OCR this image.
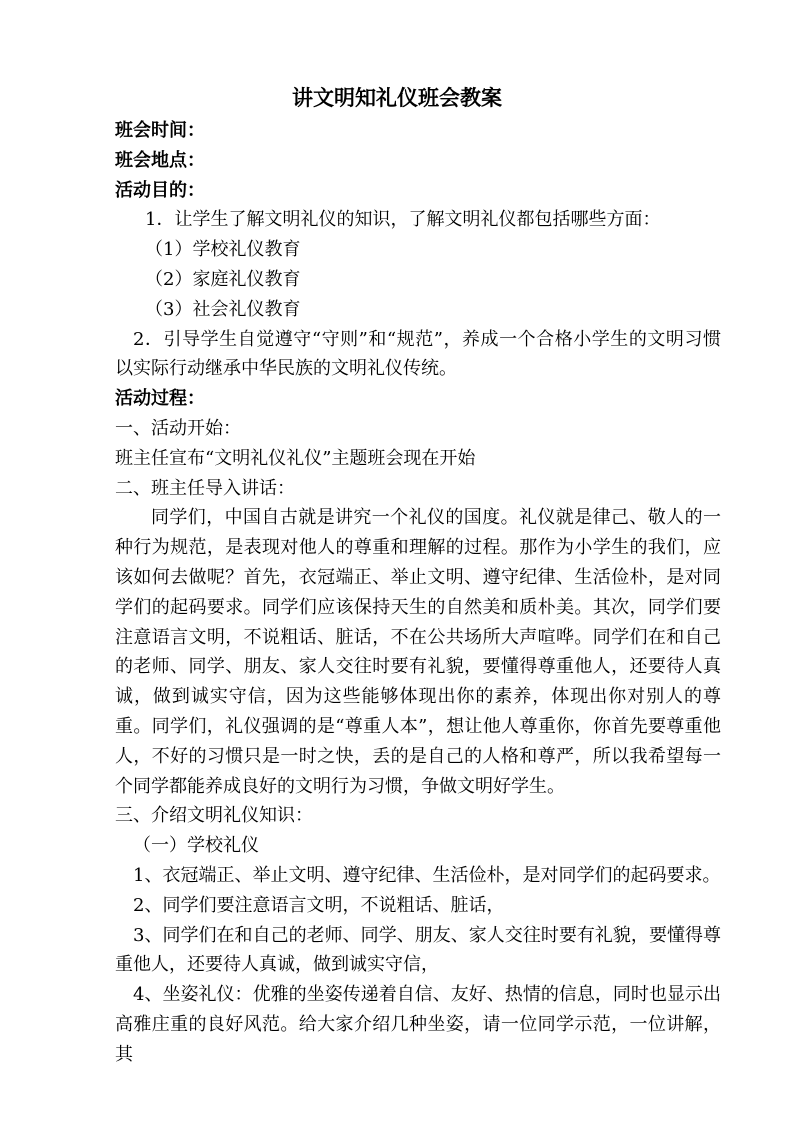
讲文明知礼仪班会教案

班会时间：

班会地点：

活动目的：

1．让学生了解文明礼仪的知识，了解文明礼仪都包括哪些方面：

（1）学校礼仪教育

（2）家庭礼仪教育

（3）社会礼仪教育

2．引导学生自觉遵守“守则”和“规范”，养成一个合格小学生的文明习惯以实际行动继承中华民族的文明礼仪传统。

活动过程：

一、活动开始：

班主任宣布“文明礼仪礼仪”主题班会现在开始

二、班主任导入讲话：

同学们，中国自古就是讲究一个礼仪的国度。礼仪就是律己、敬人的一种行为规范，是表现对他人的尊重和理解的过程。那作为小学生的我们，应该如何去做呢？首先，衣冠端正、举止文明、遵守纪律、生活俭朴，是对同学们的起码要求。同学们应该保持天生的自然美和质朴美。其次，同学们要注意语言文明，不说粗话、脏话，不在公共场所大声喧哗。同学们在和自己的老师、同学、朋友、家人交往时要有礼貌，要懂得尊重他人，还要待人真诚，做到诚实守信，因为这些能够体现出你的素养，体现出你对别人的尊重。同学们，礼仪强调的是“尊重人本”，想让他人尊重你，你首先要尊重他人，不好的习惯只是一时之快，丢的是自己的人格和尊严，所以我希望每一个同学都能养成良好的文明行为习惯，争做文明好学生。

三、介绍文明礼仪知识：

（一）学校礼仪

1、衣冠端正、举止文明、遵守纪律、生活俭朴，是对同学们的起码要求。

2、同学们要注意语言文明，不说粗话、脏话，

3、同学们在和自己的老师、同学、朋友、家人交往时要有礼貌，要懂得尊重他人，还要待人真诚，做到诚实守信，

4、坐姿礼仪：优雅的坐姿传递着自信、友好、热情的信息，同时也显示出高雅庄重的良好风范。给大家介绍几种坐姿，请一位同学示范，一位讲解，其
